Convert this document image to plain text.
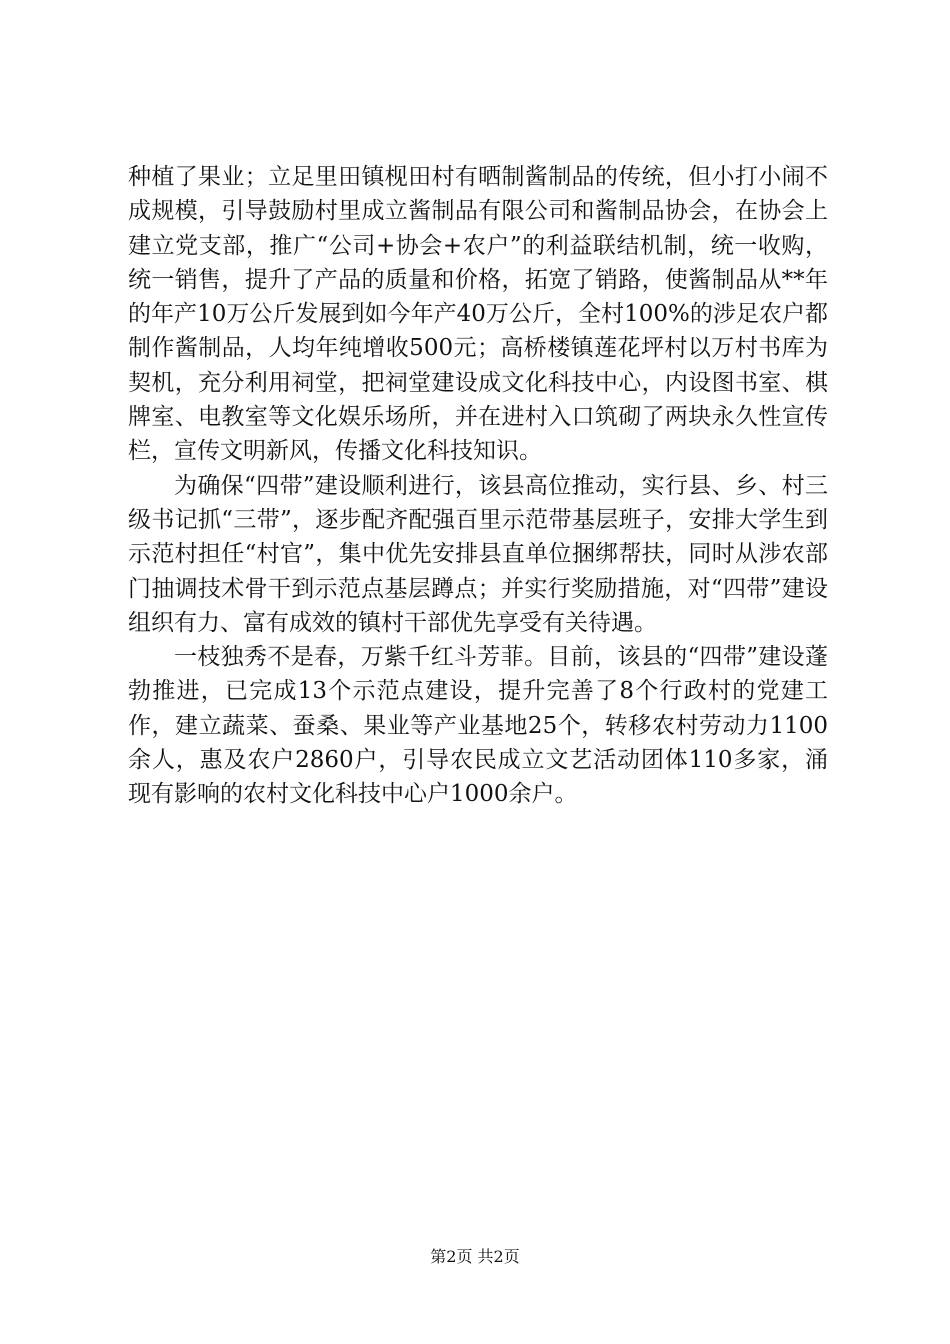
种植了果业；立足里田镇枧田村有晒制酱制品的传统，但小打小闹不成规模，引导鼓励村里成立酱制品有限公司和酱制品协会，在协会上建立党支部，推广“公司+协会+农户”的利益联结机制，统一收购，统一销售，提升了产品的质量和价格，拓宽了销路，使酱制品从**年的年产10万公斤发展到如今年产40万公斤，全村100%的涉足农户都制作酱制品，人均年纯增收500元；高桥楼镇莲花坪村以万村书库为契机，充分利用祠堂，把祠堂建设成文化科技中心，内设图书室、棋牌室、电教室等文化娱乐场所，并在进村入口筑砌了两块永久性宣传栏，宣传文明新风，传播文化科技知识。

为确保“四带”建设顺利进行，该县高位推动，实行县、乡、村三级书记抓“三带”，逐步配齐配强百里示范带基层班子，安排大学生到示范村担任“村官”，集中优先安排县直单位捆绑帮扶，同时从涉农部门抽调技术骨干到示范点基层蹲点；并实行奖励措施，对“四带”建设组织有力、富有成效的镇村干部优先享受有关待遇。

一枝独秀不是春，万紫千红斗芳菲。目前，该县的“四带”建设蓬勃推进，已完成13个示范点建设，提升完善了8个行政村的党建工作，建立蔬菜、蚕桑、果业等产业基地25个，转移农村劳动力1100余人，惠及农户2860户，引导农民成立文艺活动团体110多家，涌现有影响的农村文化科技中心户1000余户。

第2页 共2页
